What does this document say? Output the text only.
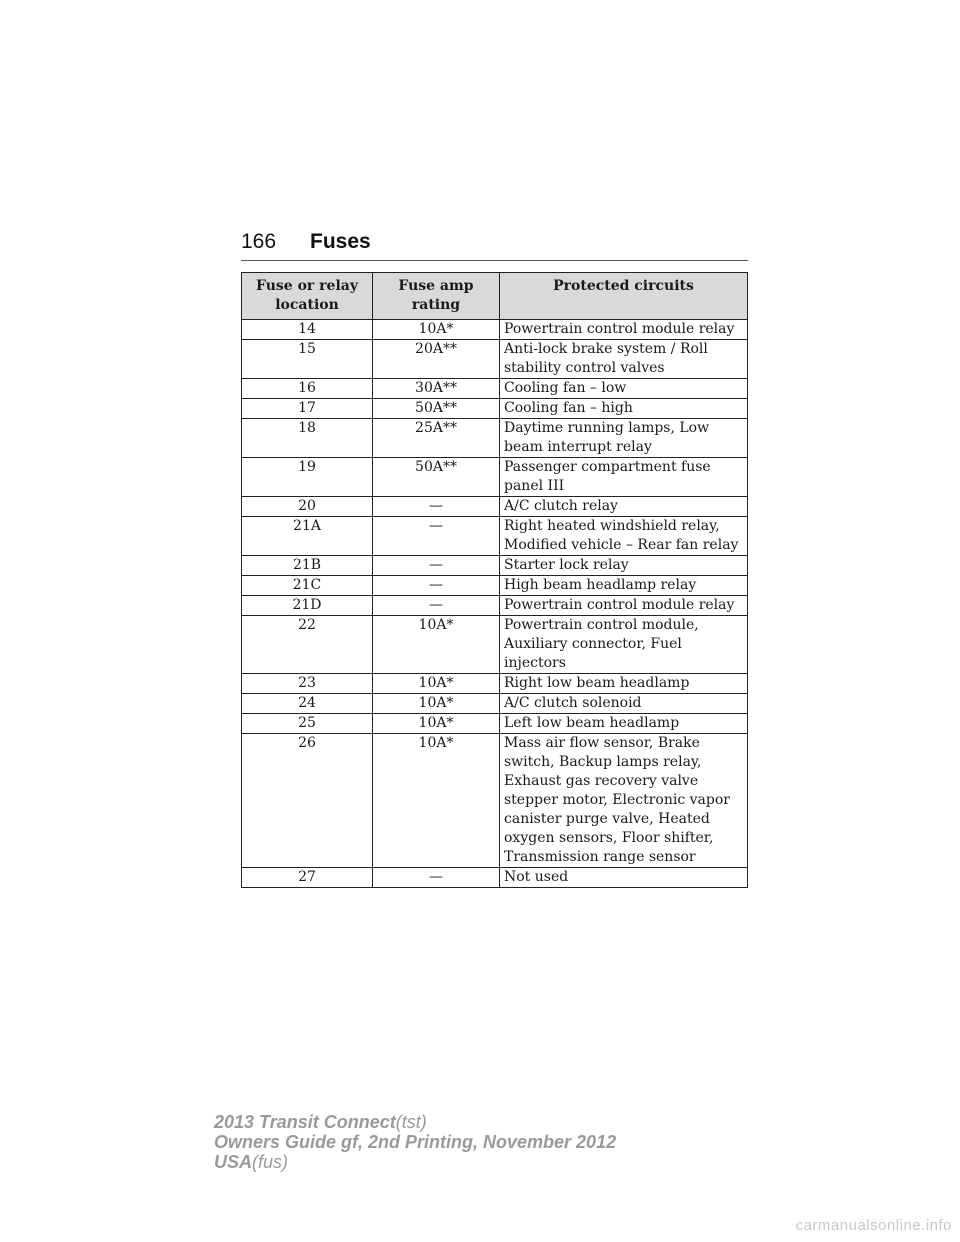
166 Fuses
Fuse or relay location	Fuse amp rating	Protected circuits
14	10A*	Powertrain control module relay
15	20A**	Anti-lock brake system / Roll stability control valves
16	30A**	Cooling fan – low
17	50A**	Cooling fan – high
18	25A**	Daytime running lamps, Low beam interrupt relay
19	50A**	Passenger compartment fuse panel III
20	—	A/C clutch relay
21A	—	Right heated windshield relay, Modified vehicle – Rear fan relay
21B	—	Starter lock relay
21C	—	High beam headlamp relay
21D	—	Powertrain control module relay
22	10A*	Powertrain control module, Auxiliary connector, Fuel injectors
23	10A*	Right low beam headlamp
24	10A*	A/C clutch solenoid
25	10A*	Left low beam headlamp
26	10A*	Mass air flow sensor, Brake switch, Backup lamps relay, Exhaust gas recovery valve stepper motor, Electronic vapor canister purge valve, Heated oxygen sensors, Floor shifter, Transmission range sensor
27	—	Not used
2013 Transit Connect(tst)
Owners Guide gf, 2nd Printing, November 2012
USA(fus)
carmanualsonline.info
